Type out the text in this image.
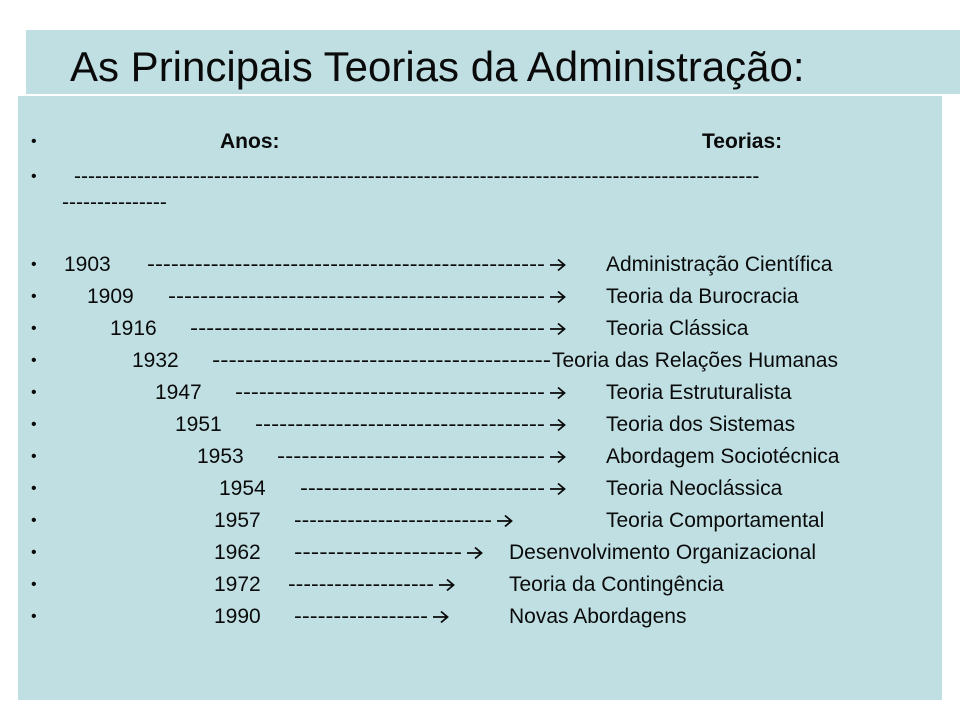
As Principais Teorias da Administração:
•	Anos:	Teorias:
• --------------------------------------------------------------------------------------------------
---------------
• 1903 --------------------------------------------------	Administração Científica
• 1909 -----------------------------------------------	Teoria da Burocracia
•	1916 --------------------------------------------	Teoria Clássica
•	1932 ----------------------------------------- Teoria das Relações Humanas
•	1947 ---------------------------------------	Teoria Estruturalista
•	1951 ------------------------------------	Teoria dos Sistemas
•	1953 ---------------------------------	Abordagem Sociotécnica
•	1954 -------------------------------	Teoria Neoclássica
•	1957 --------------------------	Teoria Comportamental
•	1962 -------------------- Desenvolvimento Organizacional
•	1972 -------------------	Teoria da Contingência
•	1990 -----------------	Novas Abordagens
